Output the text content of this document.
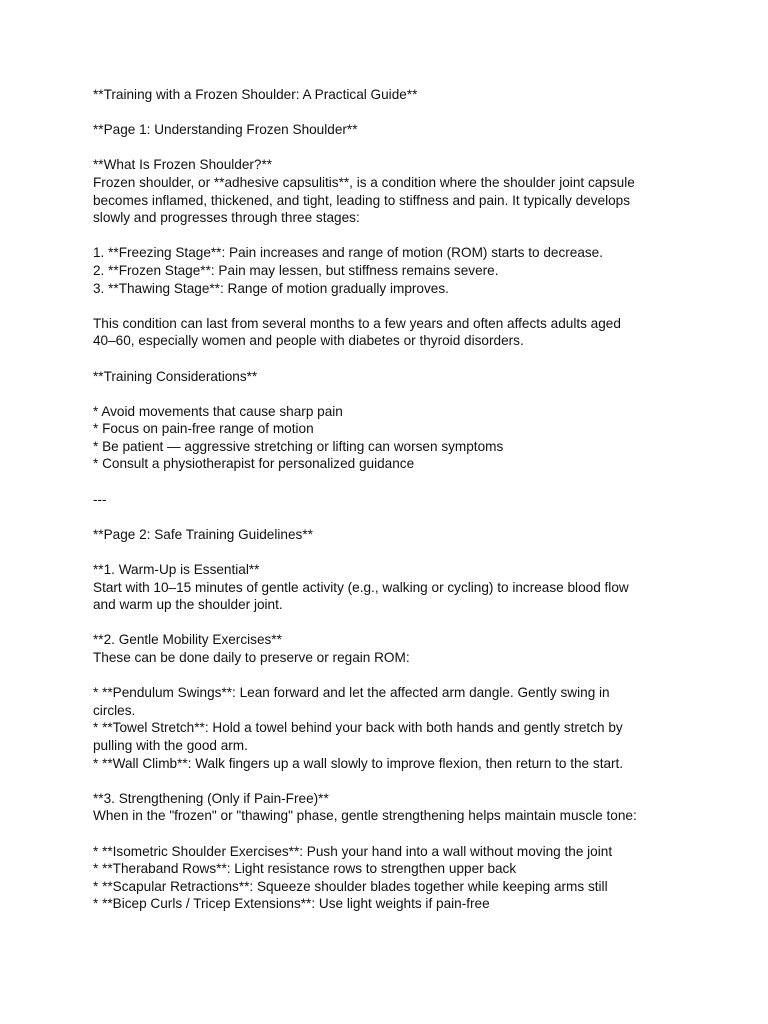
**Training with a Frozen Shoulder: A Practical Guide**
**Page 1: Understanding Frozen Shoulder**
**What Is Frozen Shoulder?**
Frozen shoulder, or **adhesive capsulitis**, is a condition where the shoulder joint capsule
becomes inflamed, thickened, and tight, leading to stiffness and pain. It typically develops
slowly and progresses through three stages:
1. **Freezing Stage**: Pain increases and range of motion (ROM) starts to decrease.
2. **Frozen Stage**: Pain may lessen, but stiffness remains severe.
3. **Thawing Stage**: Range of motion gradually improves.
This condition can last from several months to a few years and often affects adults aged
40–60, especially women and people with diabetes or thyroid disorders.
**Training Considerations**
* Avoid movements that cause sharp pain
* Focus on pain-free range of motion
* Be patient — aggressive stretching or lifting can worsen symptoms
* Consult a physiotherapist for personalized guidance
---
**Page 2: Safe Training Guidelines**
**1. Warm-Up is Essential**
Start with 10–15 minutes of gentle activity (e.g., walking or cycling) to increase blood flow
and warm up the shoulder joint.
**2. Gentle Mobility Exercises**
These can be done daily to preserve or regain ROM:
* **Pendulum Swings**: Lean forward and let the affected arm dangle. Gently swing in
circles.
* **Towel Stretch**: Hold a towel behind your back with both hands and gently stretch by
pulling with the good arm.
* **Wall Climb**: Walk fingers up a wall slowly to improve flexion, then return to the start.
**3. Strengthening (Only if Pain-Free)**
When in the "frozen" or "thawing" phase, gentle strengthening helps maintain muscle tone:
* **Isometric Shoulder Exercises**: Push your hand into a wall without moving the joint
* **Theraband Rows**: Light resistance rows to strengthen upper back
* **Scapular Retractions**: Squeeze shoulder blades together while keeping arms still
* **Bicep Curls / Tricep Extensions**: Use light weights if pain-free
